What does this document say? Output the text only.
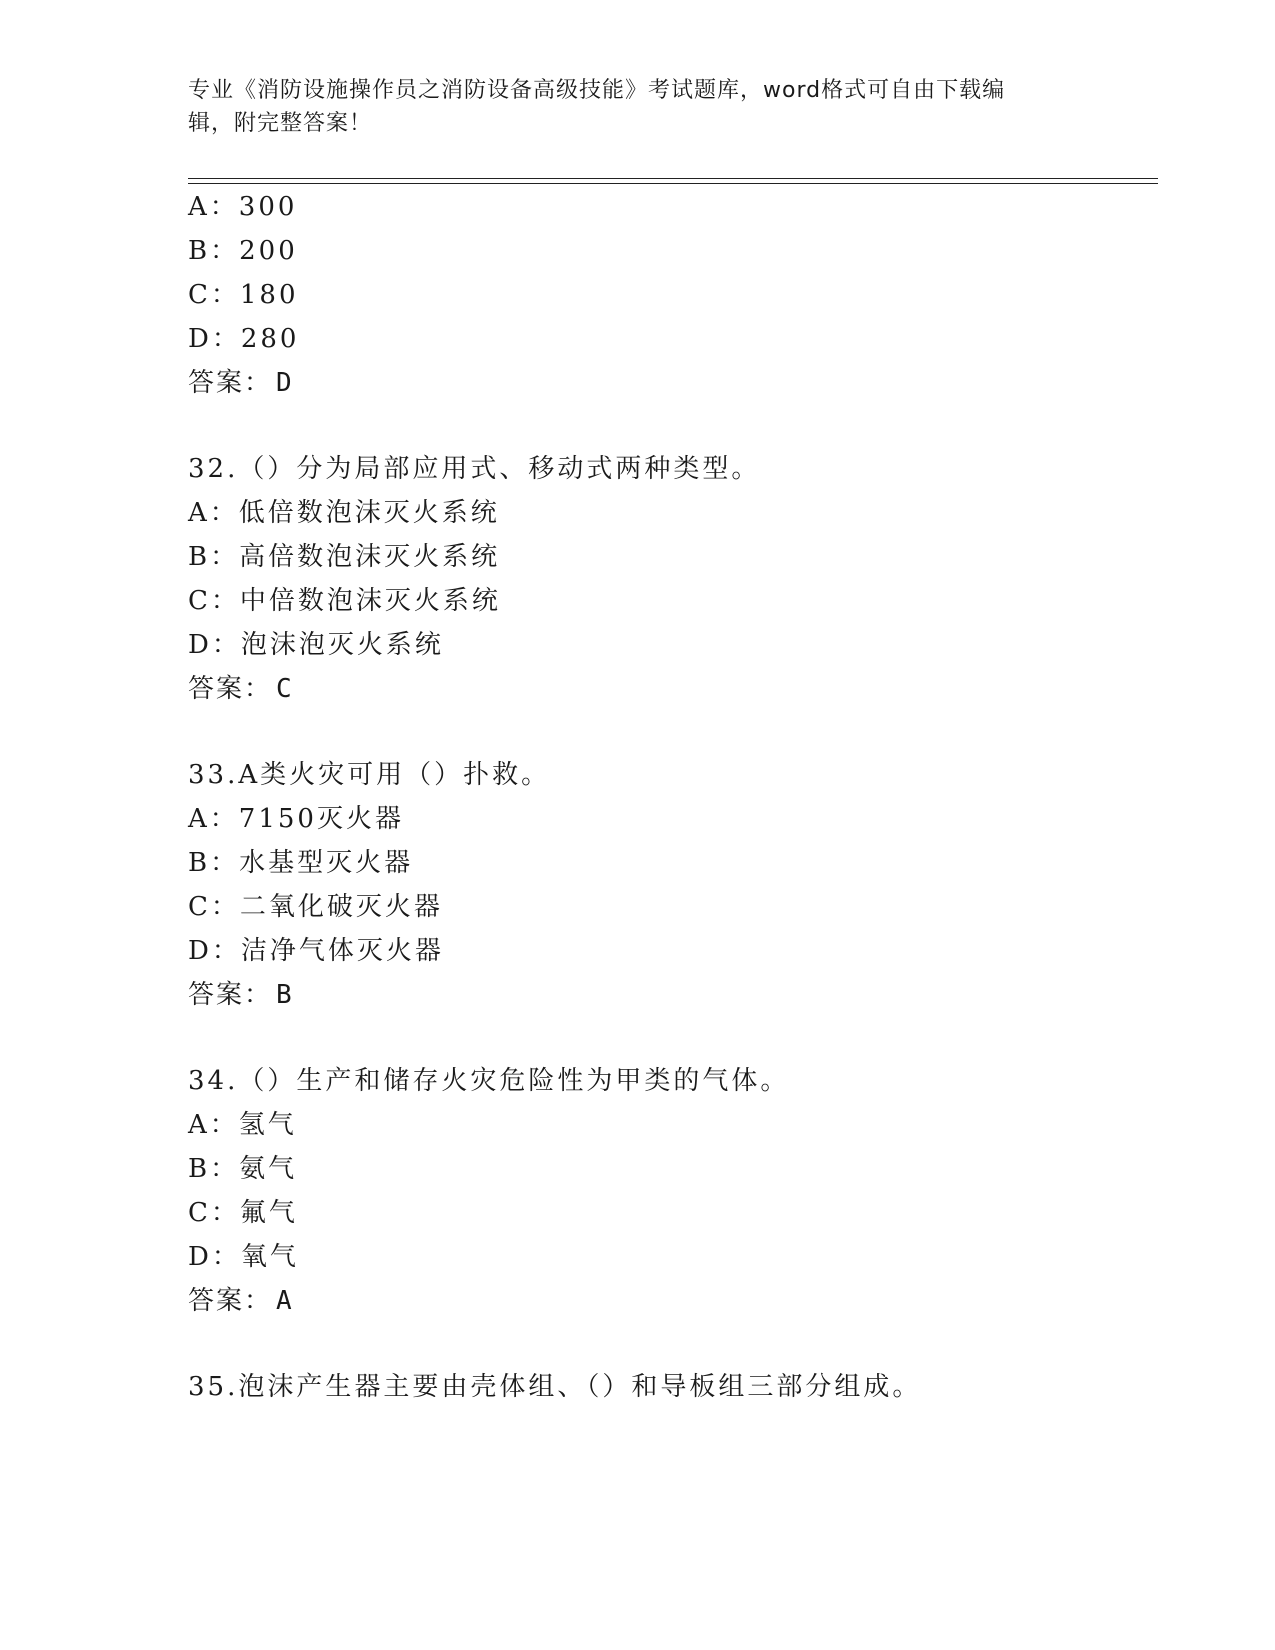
专业《消防设施操作员之消防设备高级技能》考试题库，word格式可自由下载编
辑，附完整答案！
A：300
B：200
C：180
D：280
答案： D
32.（）分为局部应用式、移动式两种类型。
A：低倍数泡沫灭火系统
B：高倍数泡沫灭火系统
C：中倍数泡沫灭火系统
D：泡沫泡灭火系统
答案： C
33.A类火灾可用（）扑救。
A：7150灭火器
B：水基型灭火器
C：二氧化破灭火器
D：洁净气体灭火器
答案： B
34.（）生产和储存火灾危险性为甲类的气体。
A：氢气
B：氨气
C：氟气
D：氧气
答案： A
35.泡沫产生器主要由壳体组、（）和导板组三部分组成。
